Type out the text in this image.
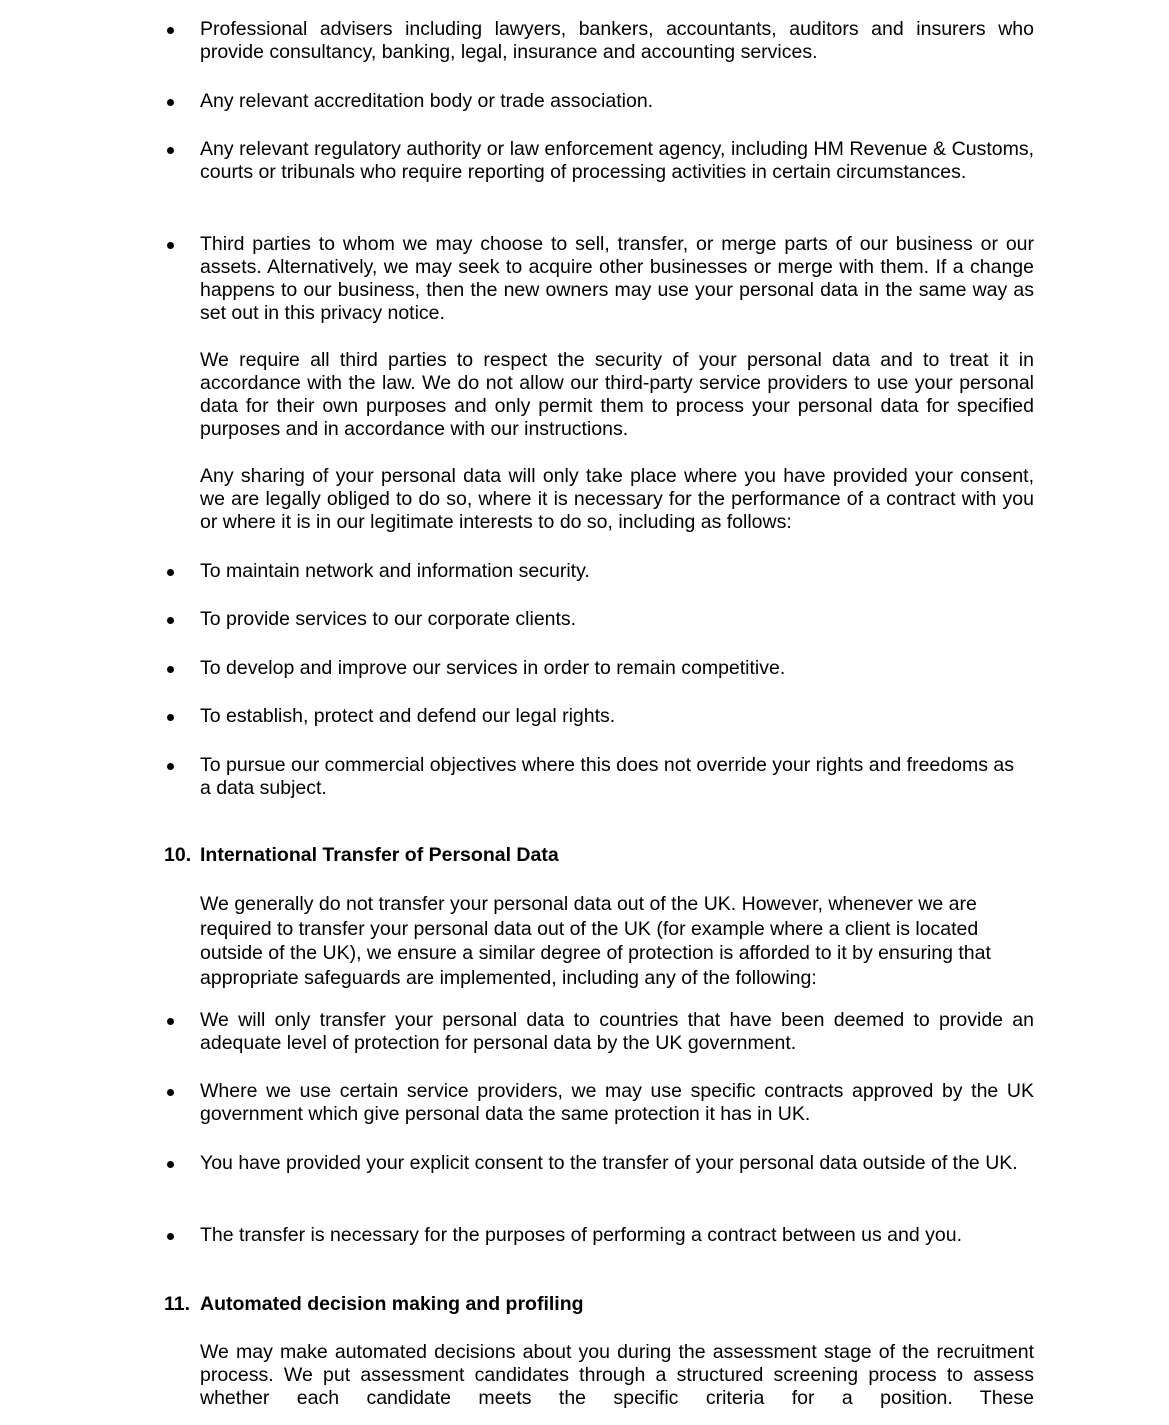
Professional advisers including lawyers, bankers, accountants, auditors and insurers who provide consultancy, banking, legal, insurance and accounting services.
Any relevant accreditation body or trade association.
Any relevant regulatory authority or law enforcement agency, including HM Revenue & Customs, courts or tribunals who require reporting of processing activities in certain circumstances.
Third parties to whom we may choose to sell, transfer, or merge parts of our business or our assets. Alternatively, we may seek to acquire other businesses or merge with them. If a change happens to our business, then the new owners may use your personal data in the same way as set out in this privacy notice.
We require all third parties to respect the security of your personal data and to treat it in accordance with the law. We do not allow our third-party service providers to use your personal data for their own purposes and only permit them to process your personal data for specified purposes and in accordance with our instructions.
Any sharing of your personal data will only take place where you have provided your consent, we are legally obliged to do so, where it is necessary for the performance of a contract with you or where it is in our legitimate interests to do so, including as follows:
To maintain network and information security.
To provide services to our corporate clients.
To develop and improve our services in order to remain competitive.
To establish, protect and defend our legal rights.
To pursue our commercial objectives where this does not override your rights and freedoms as a data subject.
10. International Transfer of Personal Data
We generally do not transfer your personal data out of the UK. However, whenever we are required to transfer your personal data out of the UK (for example where a client is located outside of the UK), we ensure a similar degree of protection is afforded to it by ensuring that appropriate safeguards are implemented, including any of the following:
We will only transfer your personal data to countries that have been deemed to provide an adequate level of protection for personal data by the UK government.
Where we use certain service providers, we may use specific contracts approved by the UK government which give personal data the same protection it has in UK.
You have provided your explicit consent to the transfer of your personal data outside of the UK.
The transfer is necessary for the purposes of performing a contract between us and you.
11. Automated decision making and profiling
We may make automated decisions about you during the assessment stage of the recruitment process. We put assessment candidates through a structured screening process to assess whether each candidate meets the specific criteria for a position. These
